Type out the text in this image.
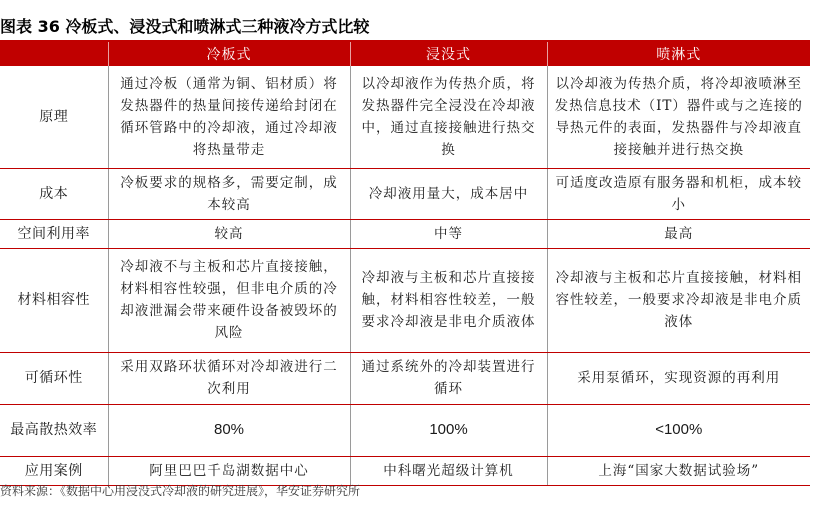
图表 36 冷板式、浸没式和喷淋式三种液冷方式比较
	冷板式	浸没式	喷淋式
原理	通过冷板（通常为铜、铝材质）将发热器件的热量间接传递给封闭在循环管路中的冷却液，通过冷却液将热量带走	以冷却液作为传热介质，将发热器件完全浸没在冷却液中，通过直接接触进行热交换	以冷却液为传热介质，将冷却液喷淋至发热信息技术（IT）器件或与之连接的导热元件的表面，发热器件与冷却液直接接触并进行热交换
成本	冷板要求的规格多，需要定制，成本较高	冷却液用量大，成本居中	可适度改造原有服务器和机柜，成本较小
空间利用率	较高	中等	最高
材料相容性	冷却液不与主板和芯片直接接触，材料相容性较强，但非电介质的冷却液泄漏会带来硬件设备被毁坏的风险	冷却液与主板和芯片直接接触，材料相容性较差，一般要求冷却液是非电介质液体	冷却液与主板和芯片直接接触，材料相容性较差，一般要求冷却液是非电介质液体
可循环性	采用双路环状循环对冷却液进行二次利用	通过系统外的冷却装置进行循环	采用泵循环，实现资源的再利用
最高散热效率	80%	100%	<100%
应用案例	阿里巴巴千岛湖数据中心	中科曙光超级计算机	上海“国家大数据试验场”
资料来源：《数据中心用浸没式冷却液的研究进展》，华安证券研究所
